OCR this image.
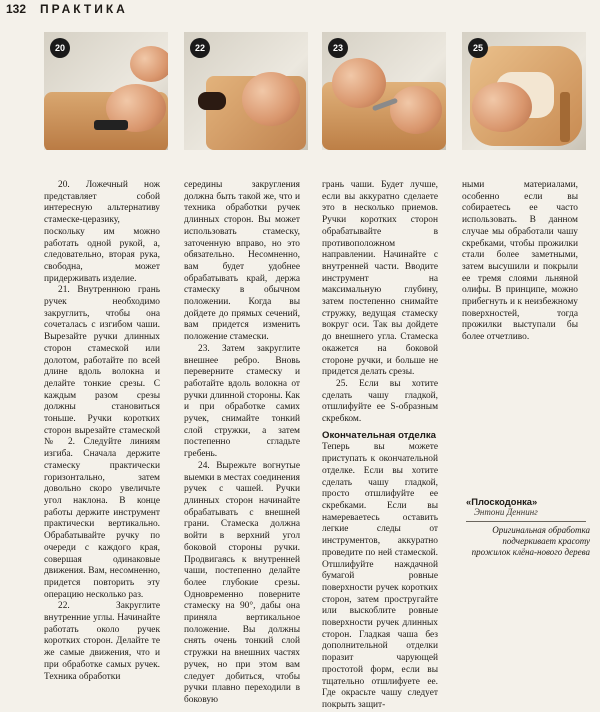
132 ПРАКТИКА
20	22	23	25

20. Ложечный нож представляет собой интересную альтернативу стамеске-церазику, поскольку им можно работать одной рукой, а, следовательно, вторая рука, свободна, может придерживать изделие.

21. Внутреннюю грань ручек необходимо закруглить, чтобы она сочеталась с изгибом чаши. Вырезайте ручки длинных сторон стамеской или долотом, работайте по всей длине вдоль волокна и делайте тонкие срезы. С каждым разом срезы должны становиться тоньше. Ручки коротких сторон вырезайте стамеской № 2. Следуйте линиям изгиба. Сначала держите стамеску практически горизонтально, затем довольно скоро увеличьте угол наклона. В конце работы держите инструмент практически вертикально. Обрабатывайте ручку по очереди с каждого края, совершая одинаковые движения. Вам, несомненно, придется повторить эту операцию несколько раз.

22. Закруглите внутренние углы. Начинайте работать около ручек коротких сторон. Делайте те же самые движения, что и при обработке самых ручек. Техника обработки

середины закругления должна быть такой же, что и техника обработки ручек длинных сторон. Вы может использовать стамеску, заточенную вправо, но это обязательно. Несомненно, вам будет удобнее обрабатывать край, держа стамеску в обычном положении. Когда вы дойдете до прямых сечений, вам придется изменить положение стамески.

23. Затем закруглите внешнее ребро. Вновь переверните стамеску и работайте вдоль волокна от ручки длинной стороны. Как и при обработке самих ручек, снимайте тонкий слой стружки, а затем постепенно сгладьте гребень.

24. Вырежьте вогнутые выемки в местах соединения ручек с чашей. Ручки длинных сторон начинайте обрабатывать с внешней грани. Стамеска должна войти в верхний угол боковой стороны ручки. Продвигаясь к внутренней чаши, постепенно делайте более глубокие срезы. Одновременно поверните стамеску на 90°, дабы она приняла вертикальное положение. Вы должны снять очень тонкий слой стружки на внешних частях ручек, но при этом вам следует добиться, чтобы ручки плавно переходили в боковую

грань чаши. Будет лучше, если вы аккуратно сделаете это в несколько приемов. Ручки коротких сторон обрабатывайте в противоположном направлении. Начинайте с внутренней части. Вводите инструмент на максимальную глубину, затем постепенно снимайте стружку, ведущая стамеску вокруг оси. Так вы дойдете до внешнего угла. Стамеска окажется на боковой стороне ручки, и больше не придется делать срезы.

25. Если вы хотите сделать чашу гладкой, отшлифуйте ее S-образным скребком.

Окончательная отделка

Теперь вы можете приступать к окончательной отделке. Если вы хотите сделать чашу гладкой, просто отшлифуйте ее скребками. Если вы намереваетесь оставить легкие следы от инструментов, аккуратно проведите по ней стамеской. Отшлифуйте наждачной бумагой ровные поверхности ручек коротких сторон, затем простругайте или выскоблите ровные поверхности ручек длинных сторон. Гладкая чаша без дополнительной отделки поразит чарующей простотой форм, если вы тщательно отшлифуете ее. Где окрасьте чашу следует покрыть защит-

ными материалами, особенно если вы собираетесь ее часто использовать. В данном случае мы обработали чашу скребками, чтобы прожилки стали более заметными, затем высушили и покрыли ее тремя слоями льняной олифы. В принципе, можно прибегнуть и к неизбежному поверхностей, тогда прожилки выступали бы более отчетливо.

«Плоскодонка»
Энтони Деннинг
Оригинальная обработка подчеркивает красоту прожилок клёна-нового дерева
